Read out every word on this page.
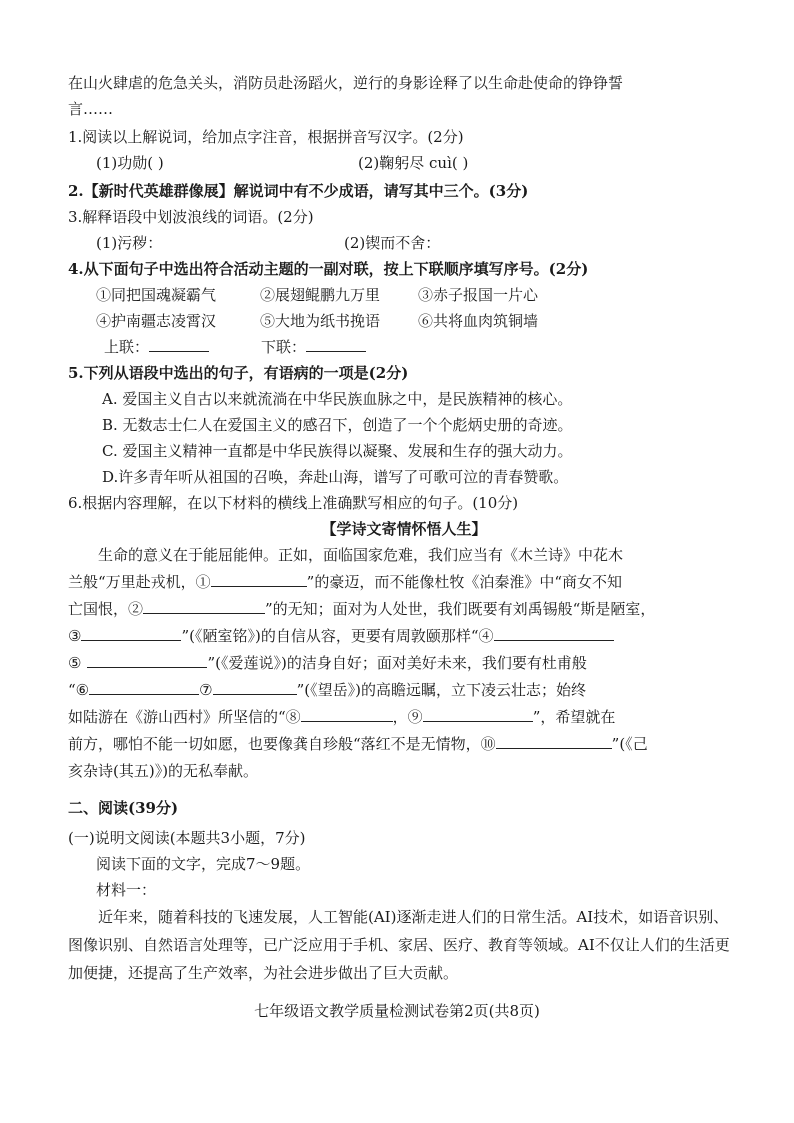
在山火肆虐的危急关头，消防员赴汤蹈火，逆行的身影诠释了以生命赴使命的铮铮誓
言……
1.阅读以上解说词，给加点字注音，根据拼音写汉字。(2分)
(1)功勋( )	(2)鞠躬尽 cuì( )
2.【新时代英雄群像展】解说词中有不少成语，请写其中三个。(3分)
3.解释语段中划波浪线的词语。(2分)
(1)污秽：	(2)锲而不舍：
4.从下面句子中选出符合活动主题的一副对联，按上下联顺序填写序号。(2分)
①同把国魂凝霸气	②展翅鲲鹏九万里	③赤子报国一片心
④护南疆志凌霄汉	⑤大地为纸书挽语	⑥共将血肉筑铜墙
上联：	下联：
5.下列从语段中选出的句子，有语病的一项是(2分)
A. 爱国主义自古以来就流淌在中华民族血脉之中，是民族精神的核心。
B. 无数志士仁人在爱国主义的感召下，创造了一个个彪炳史册的奇迹。
C. 爱国主义精神一直都是中华民族得以凝聚、发展和生存的强大动力。
D.许多青年听从祖国的召唤，奔赴山海，谱写了可歌可泣的青春赞歌。
6.根据内容理解，在以下材料的横线上准确默写相应的句子。(10分)
【学诗文寄情怀悟人生】
生命的意义在于能屈能伸。正如，面临国家危难，我们应当有《木兰诗》中花木
兰般“万里赴戎机，①	”的豪迈，而不能像杜牧《泊秦淮》中“商女不知
亡国恨，②	”的无知；面对为人处世，我们既要有刘禹锡般“斯是陋室，
③	”(《陋室铭》)的自信从容，更要有周敦颐那样“④
⑤	”(《爱莲说》)的洁身自好；面对美好未来，我们要有杜甫般
“⑥	⑦	”(《望岳》)的高瞻远瞩，立下凌云壮志；始终
如陆游在《游山西村》所坚信的“⑧	，⑨	”，希望就在
前方，哪怕不能一切如愿，也要像龚自珍般“落红不是无情物，⑩	”(《己
亥杂诗(其五)》)的无私奉献。
二、阅读(39分)
(一)说明文阅读(本题共3小题，7分)
阅读下面的文字，完成7～9题。
材料一：
近年来，随着科技的飞速发展，人工智能(AI)逐渐走进人们的日常生活。AI技术，如语音识别、图像识别、自然语言处理等，已广泛应用于手机、家居、医疗、教育等领域。AI不仅让人们的生活更加便捷，还提高了生产效率，为社会进步做出了巨大贡献。
七年级语文教学质量检测试卷第2页(共8页)
